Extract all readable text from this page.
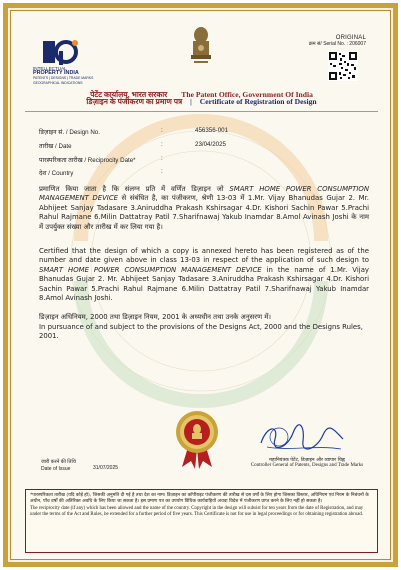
INTELLECTUAL
PROPERTY INDIA
PATENTS | DESIGNS | TRADE MARKS
GEOGRAPHICAL INDICATIONS
ORIGINAL
क्रम सं/ Serial No. : 206007
पेटेंट कार्यालय, भारत सरकार The Patent Office, Government Of India
डिज़ाइन के पंजीकरण का प्रमाण पत्र | Certificate of Registration of Design
डिज़ाइन सं. / Design No.	:	456356-001
तारीख / Date	:	23/04/2025
पारस्परिकता तारीख / Reciprocity Date*	:
देश / Country	:
प्रमाणित किया जाता है कि संलग्न प्रति में वर्णित डिज़ाइन जो SMART HOME POWER CONSUMPTION MANAGEMENT DEVICE से संबंधित है, का पंजीकरण, श्रेणी 13-03 में 1.Mr. Vijay Bhanudas Gujar 2. Mr. Abhijeet Sanjay Tadasare 3.Aniruddha Prakash Kshirsagar 4.Dr. Kishori Sachin Pawar 5.Prachi Rahul Rajmane 6.Milin Dattatray Patil 7.Sharifnawaj Yakub Inamdar 8.Amol Avinash Joshi के नाम में उपर्युक्त संख्या और तारीख में कर लिया गया है।
Certified that the design of which a copy is annexed hereto has been registered as of the number and date given above in class 13-03 in respect of the application of such design to SMART HOME POWER CONSUMPTION MANAGEMENT DEVICE in the name of 1.Mr. Vijay Bhanudas Gujar 2. Mr. Abhijeet Sanjay Tadasare 3.Aniruddha Prakash Kshirsagar 4.Dr. Kishori Sachin Pawar 5.Prachi Rahul Rajmane 6.Milin Dattatray Patil 7.Sharifnawaj Yakub Inamdar 8.Amol Avinash Joshi.
डिज़ाइन अधिनियम, 2000 तथा डिज़ाइन नियम, 2001 के अध्यधीन तथा उनके अनुसरण में।
In pursuance of and subject to the provisions of the Designs Act, 2000 and the Designs Rules, 2001.
महानियंत्रक पेटेंट, डिज़ाइन और व्यापार चिह्न
Controller General of Patents, Designs and Trade Marks
जारी करने की तिथि
Date of Issue	31/07/2025
*पारस्परिकता तारीख (यदि कोई हो), जिसकी अनुमति दी गई है तथा देश का नाम। डिज़ाइन का कॉपीराइट पंजीकरण की तारीख से दस वर्षों के लिए होगा जिसका विस्तार, अधिनियम एवं नियम के निबंधनों के अधीन, पाँच वर्षों की अतिरिक्त अवधि के लिए किया जा सकता है। इस प्रमाण पत्र का उपयोग विधिक कार्यवाहियों अथवा विदेश में पंजीकरण प्राप्त करने के लिए नहीं हो सकता है।
The reciprocity date (if any) which has been allowed and the name of the country. Copyright in the design will subsist for ten years from the date of Registration, and may under the terms of the Act and Rules, be extended for a further period of five years. This Certificate is not for use in legal proceedings or for obtaining registration abroad.
